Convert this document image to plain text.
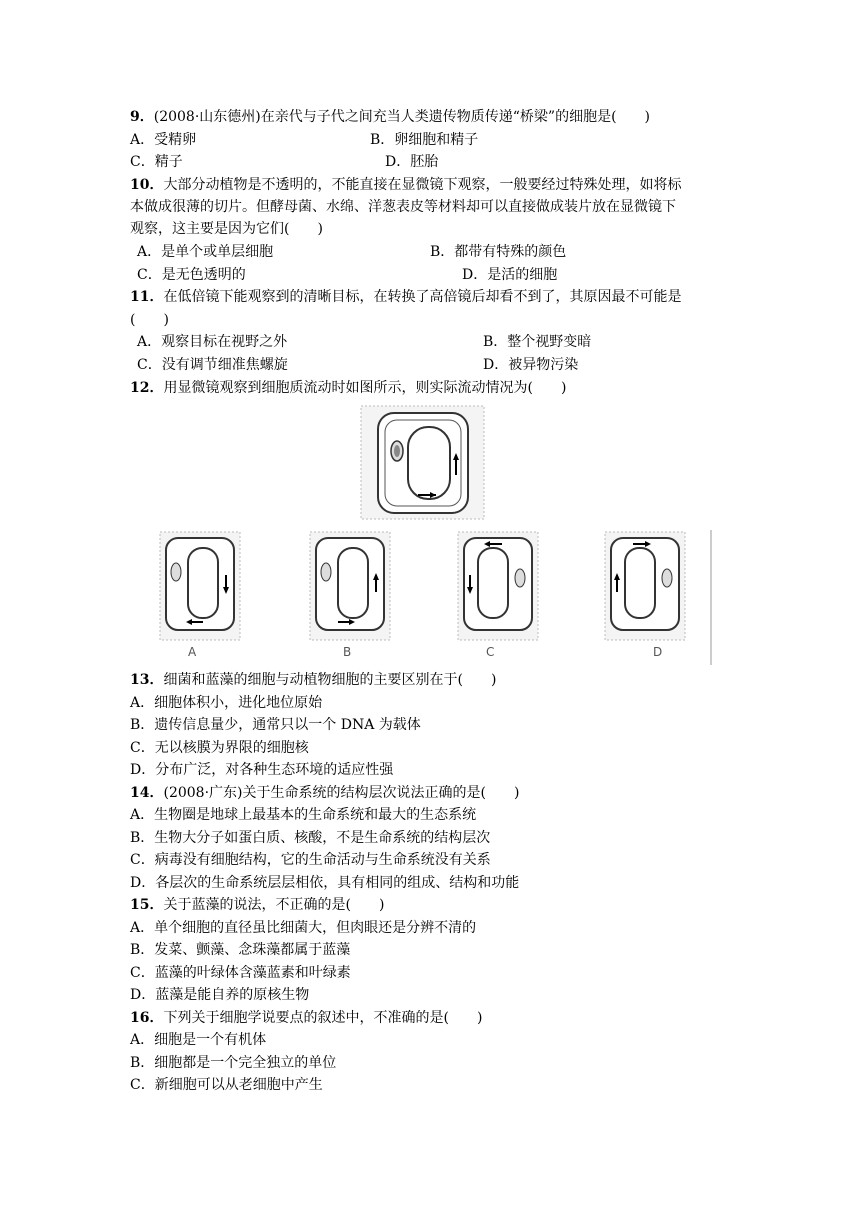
9．(2008·山东德州)在亲代与子代之间充当人类遗传物质传递“桥梁”的细胞是(　　)
A．受精卵	B．卵细胞和精子
C．精子	D．胚胎
10．大部分动植物是不透明的，不能直接在显微镜下观察，一般要经过特殊处理，如将标
本做成很薄的切片。但酵母菌、水绵、洋葱表皮等材料却可以直接做成装片放在显微镜下
观察，这主要是因为它们(　　)
A．是单个或单层细胞	B．都带有特殊的颜色
C．是无色透明的	D．是活的细胞
11．在低倍镜下能观察到的清晰目标，在转换了高倍镜后却看不到了，其原因最不可能是
(　　)
A．观察目标在视野之外	B．整个视野变暗
C．没有调节细准焦螺旋	D．被异物污染
12．用显微镜观察到细胞质流动时如图所示，则实际流动情况为(　　)
A	B	C	D
13．细菌和蓝藻的细胞与动植物细胞的主要区别在于(　　)
A．细胞体积小，进化地位原始
B．遗传信息量少，通常只以一个 DNA 为载体
C．无以核膜为界限的细胞核
D．分布广泛，对各种生态环境的适应性强
14．(2008·广东)关于生命系统的结构层次说法正确的是(　　)
A．生物圈是地球上最基本的生命系统和最大的生态系统
B．生物大分子如蛋白质、核酸，不是生命系统的结构层次
C．病毒没有细胞结构，它的生命活动与生命系统没有关系
D．各层次的生命系统层层相依，具有相同的组成、结构和功能
15．关于蓝藻的说法，不正确的是(　　)
A．单个细胞的直径虽比细菌大，但肉眼还是分辨不清的
B．发菜、颤藻、念珠藻都属于蓝藻
C．蓝藻的叶绿体含藻蓝素和叶绿素
D．蓝藻是能自养的原核生物
16．下列关于细胞学说要点的叙述中，不准确的是(　　)
A．细胞是一个有机体
B．细胞都是一个完全独立的单位
C．新细胞可以从老细胞中产生
